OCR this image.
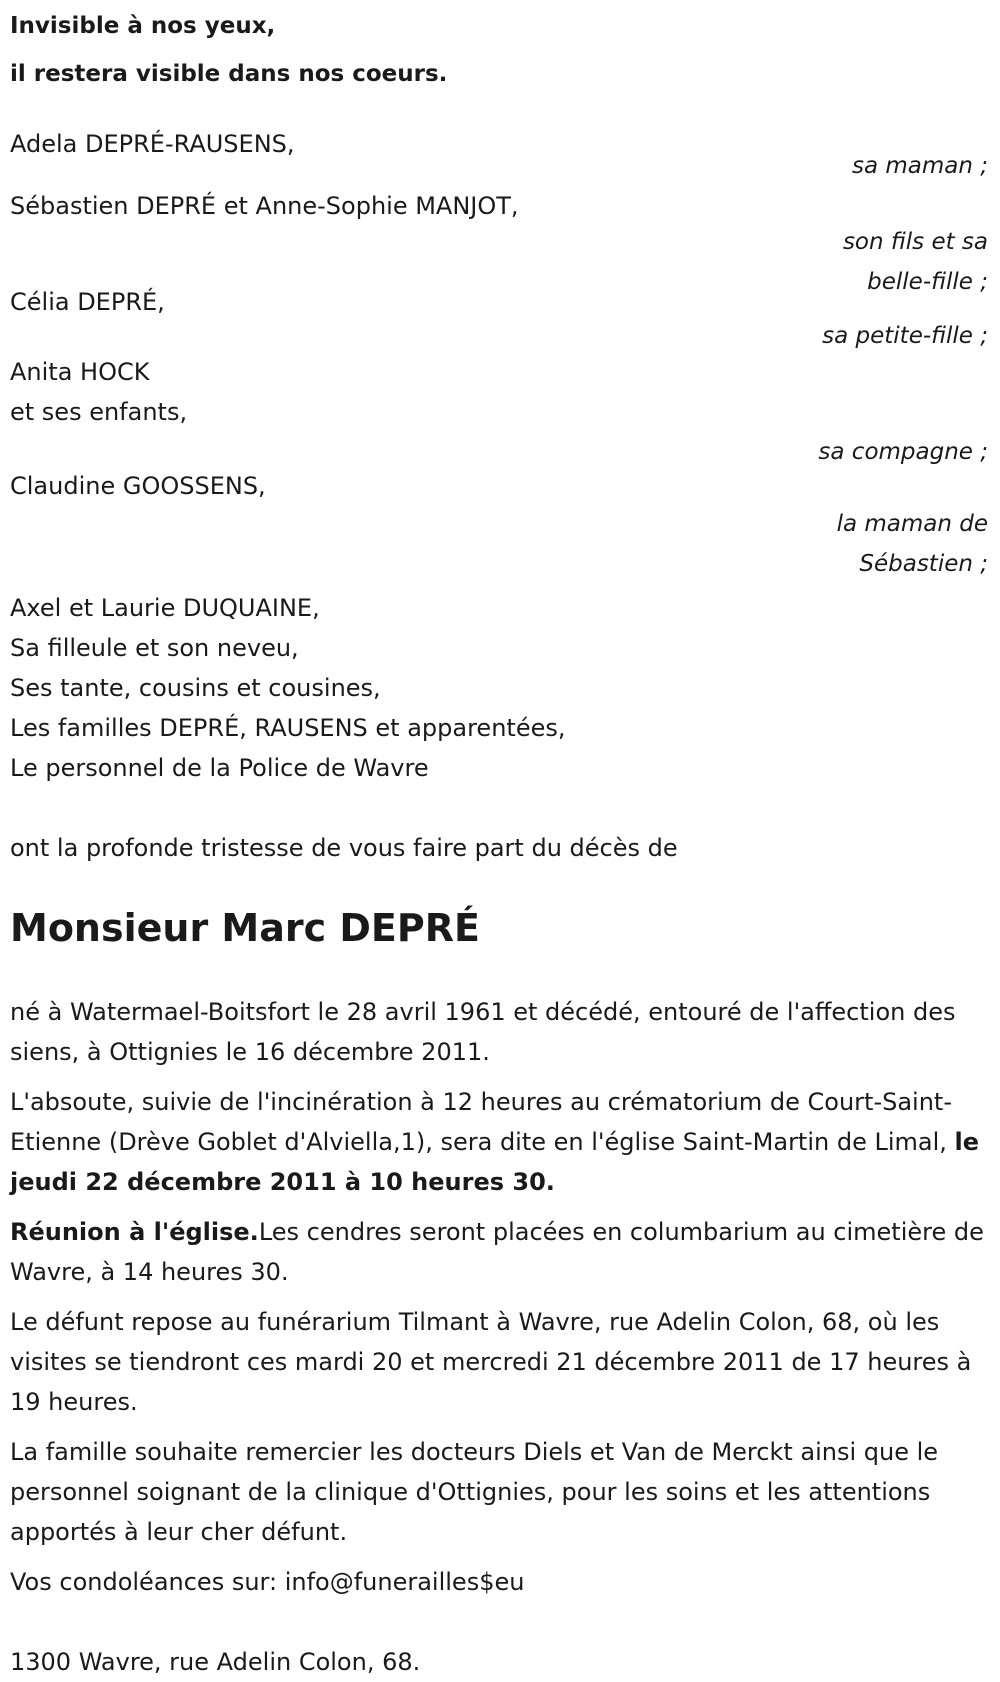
Invisible à nos yeux,
il restera visible dans nos coeurs.
Adela DEPRÉ-RAUSENS,
sa maman ;
Sébastien DEPRÉ et Anne-Sophie MANJOT,
son fils et sa
belle-fille ;
Célia DEPRÉ,
sa petite-fille ;
Anita HOCK
et ses enfants,
sa compagne ;
Claudine GOOSSENS,
la maman de
Sébastien ;
Axel et Laurie DUQUAINE,
Sa filleule et son neveu,
Ses tante, cousins et cousines,
Les familles DEPRÉ, RAUSENS et apparentées,
Le personnel de la Police de Wavre
ont la profonde tristesse de vous faire part du décès de
Monsieur Marc DEPRÉ

né à Watermael-Boitsfort le 28 avril 1961 et décédé, entouré de l'affection des siens, à Ottignies le 16 décembre 2011.

L'absoute, suivie de l'incinération à 12 heures au crématorium de Court-Saint-Etienne (Drève Goblet d'Alviella,1), sera dite en l'église Saint-Martin de Limal, le jeudi 22 décembre 2011 à 10 heures 30.

Réunion à l'église.Les cendres seront placées en columbarium au cimetière de Wavre, à 14 heures 30.

Le défunt repose au funérarium Tilmant à Wavre, rue Adelin Colon, 68, où les visites se tiendront ces mardi 20 et mercredi 21 décembre 2011 de 17 heures à 19 heures.

La famille souhaite remercier les docteurs Diels et Van de Merckt ainsi que le personnel soignant de la clinique d'Ottignies, pour les soins et les attentions apportés à leur cher défunt.

Vos condoléances sur: info@funerailles$eu

1300 Wavre, rue Adelin Colon, 68.
